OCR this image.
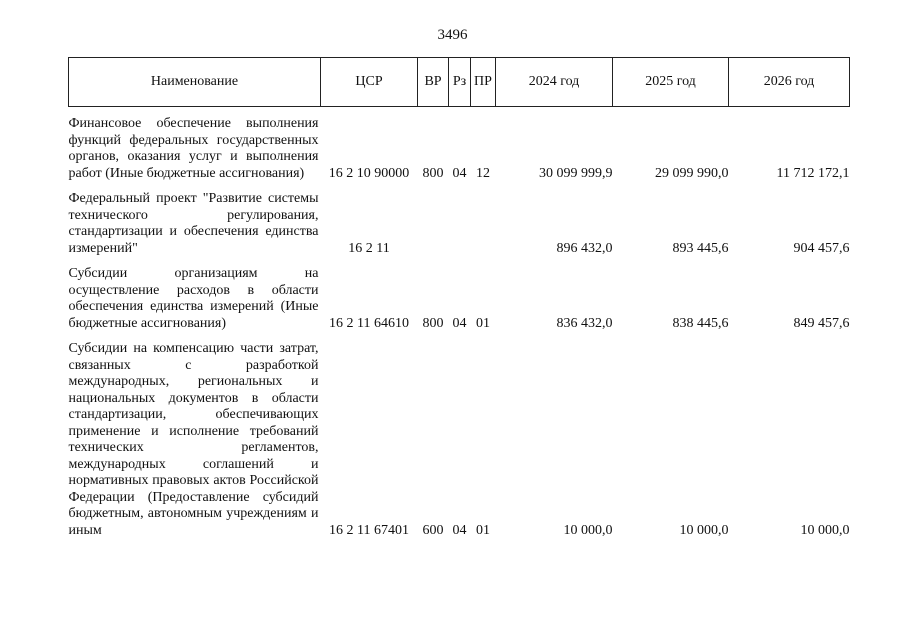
3496
Наименование	ЦСР	ВР	Рз	ПР	2024 год	2025 год	2026 год

Финансовое обеспечение выполнения функций федеральных государственных органов, оказания услуг и выполнения работ (Иные бюджетные ассигнования)	16 2 10 90000	800	04	12	30 099 999,9	29 099 990,0	11 712 172,1

Федеральный проект "Развитие системы технического регулирования, стандартизации и обеспечения единства измерений"	16 2 11				896 432,0	893 445,6	904 457,6

Субсидии организациям на осуществление расходов в области обеспечения единства измерений (Иные бюджетные ассигнования)	16 2 11 64610	800	04	01	836 432,0	838 445,6	849 457,6

Субсидии на компенсацию части затрат, связанных с разработкой международных, региональных и национальных документов в области стандартизации, обеспечивающих применение и исполнение требований технических регламентов, международных соглашений и нормативных правовых актов Российской Федерации (Предоставление субсидий бюджетным, автономным учреждениям и иным	16 2 11 67401	600	04	01	10 000,0	10 000,0	10 000,0
